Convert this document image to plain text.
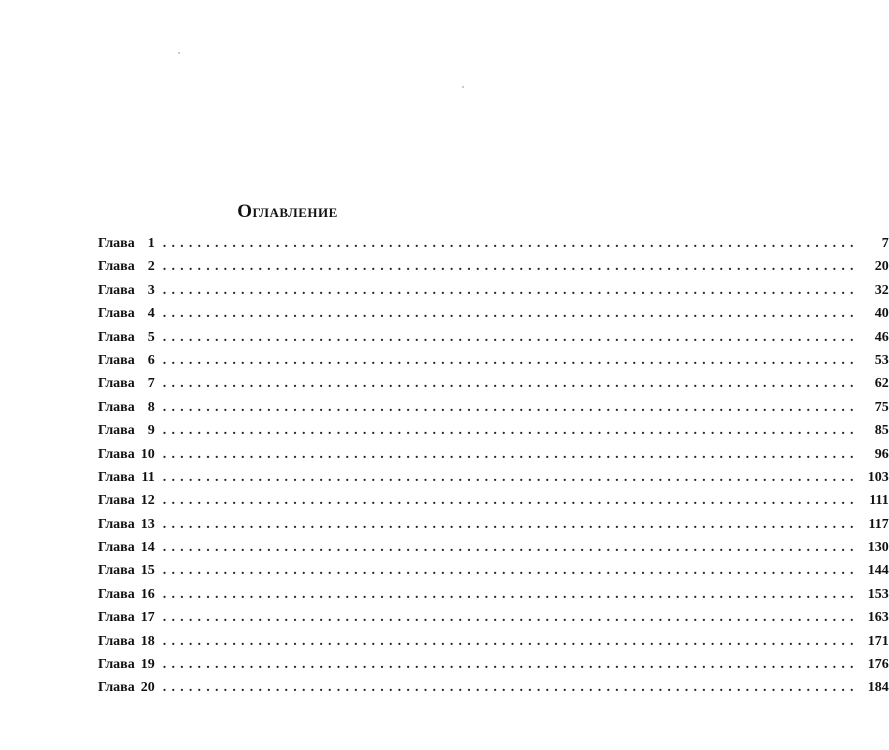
Оглавление
Глава 1 ................................................................................	7
Глава 2 ................................................................................	20
Глава 3 ................................................................................	32
Глава 4 ................................................................................	40
Глава 5 ................................................................................	46
Глава 6 ................................................................................	53
Глава 7 ................................................................................	62
Глава 8 ................................................................................	75
Глава 9 ................................................................................	85
Глава 10 ................................................................................	96
Глава 11 ................................................................................ 103
Глава 12 ................................................................................ 111
Глава 13 ................................................................................ 117
Глава 14 ................................................................................ 130
Глава 15 ................................................................................ 144
Глава 16 ................................................................................ 153
Глава 17 ................................................................................ 163
Глава 18 ................................................................................ 171
Глава 19 ................................................................................ 176
Глава 20 ................................................................................ 184
